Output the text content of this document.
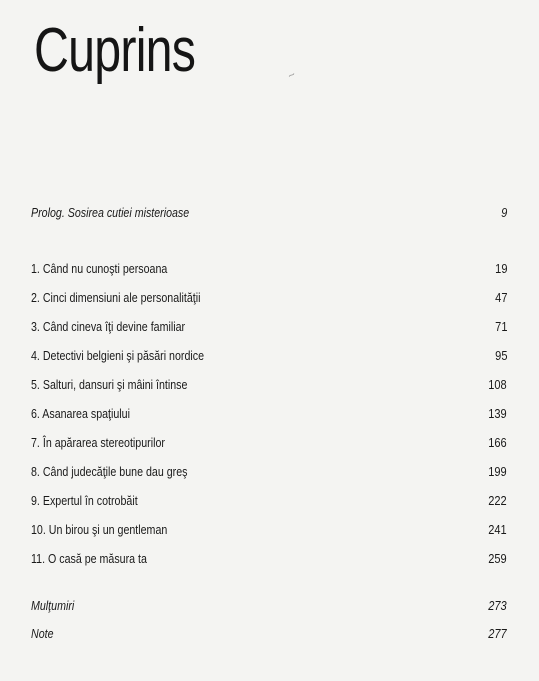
Cuprins	~
Prolog. Sosirea cutiei misterioase	9
1. Când nu cunoşti persoana	19
2. Cinci dimensiuni ale personalităţii	47
3. Când cineva îţi devine familiar	71
4. Detectivi belgieni şi păsări nordice	95
5. Salturi, dansuri şi mâini întinse	108
6. Asanarea spaţiului	139
7. În apărarea stereotipurilor	166
8. Când judecăţile bune dau greş	199
9. Expertul în cotrobăit	222
10. Un birou şi un gentleman	241
11. O casă pe măsura ta	259
Mulţumiri	273
Note	277
